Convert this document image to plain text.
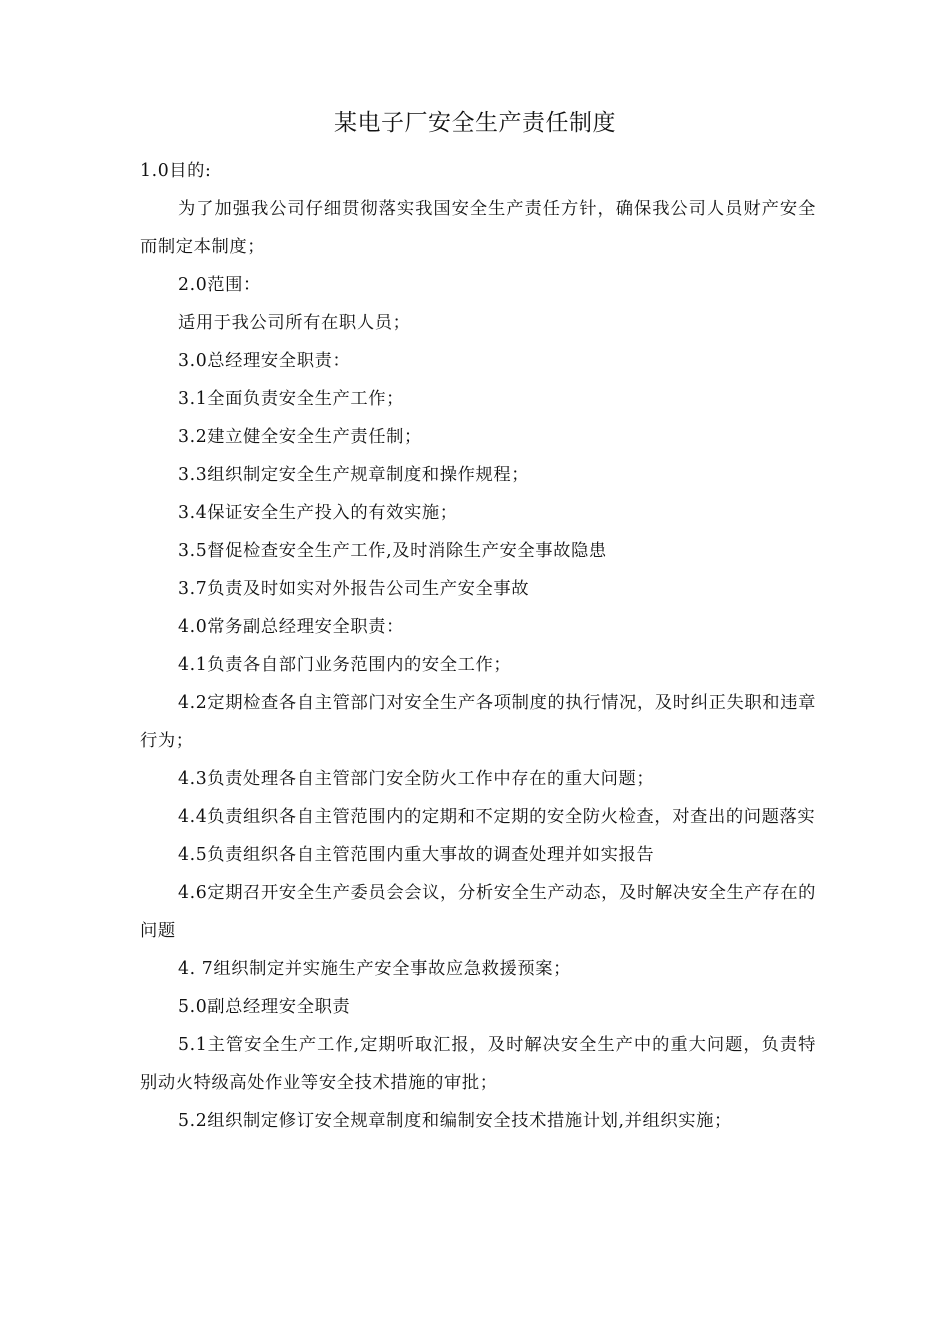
某电子厂安全生产责任制度

1.0目的:

为了加强我公司仔细贯彻落实我国安全生产责任方针，确保我公司人员财产安全而制定本制度；

2.0范围：

适用于我公司所有在职人员；

3.0总经理安全职责：

3.1全面负责安全生产工作；

3.2建立健全安全生产责任制；

3.3组织制定安全生产规章制度和操作规程；

3.4保证安全生产投入的有效实施；

3.5督促检查安全生产工作,及时消除生产安全事故隐患

3.7负责及时如实对外报告公司生产安全事故

4.0常务副总经理安全职责：

4.1负责各自部门业务范围内的安全工作；

4.2定期检查各自主管部门对安全生产各项制度的执行情况，及时纠正失职和违章行为；

4.3负责处理各自主管部门安全防火工作中存在的重大问题；

4.4负责组织各自主管范围内的定期和不定期的安全防火检查，对查出的问题落实

4.5负责组织各自主管范围内重大事故的调查处理并如实报告

4.6定期召开安全生产委员会会议，分析安全生产动态，及时解决安全生产存在的问题

4. 7组织制定并实施生产安全事故应急救援预案；

5.0副总经理安全职责

5.1主管安全生产工作,定期听取汇报，及时解决安全生产中的重大问题，负责特别动火特级高处作业等安全技术措施的审批；

5.2组织制定修订安全规章制度和编制安全技术措施计划,并组织实施；
